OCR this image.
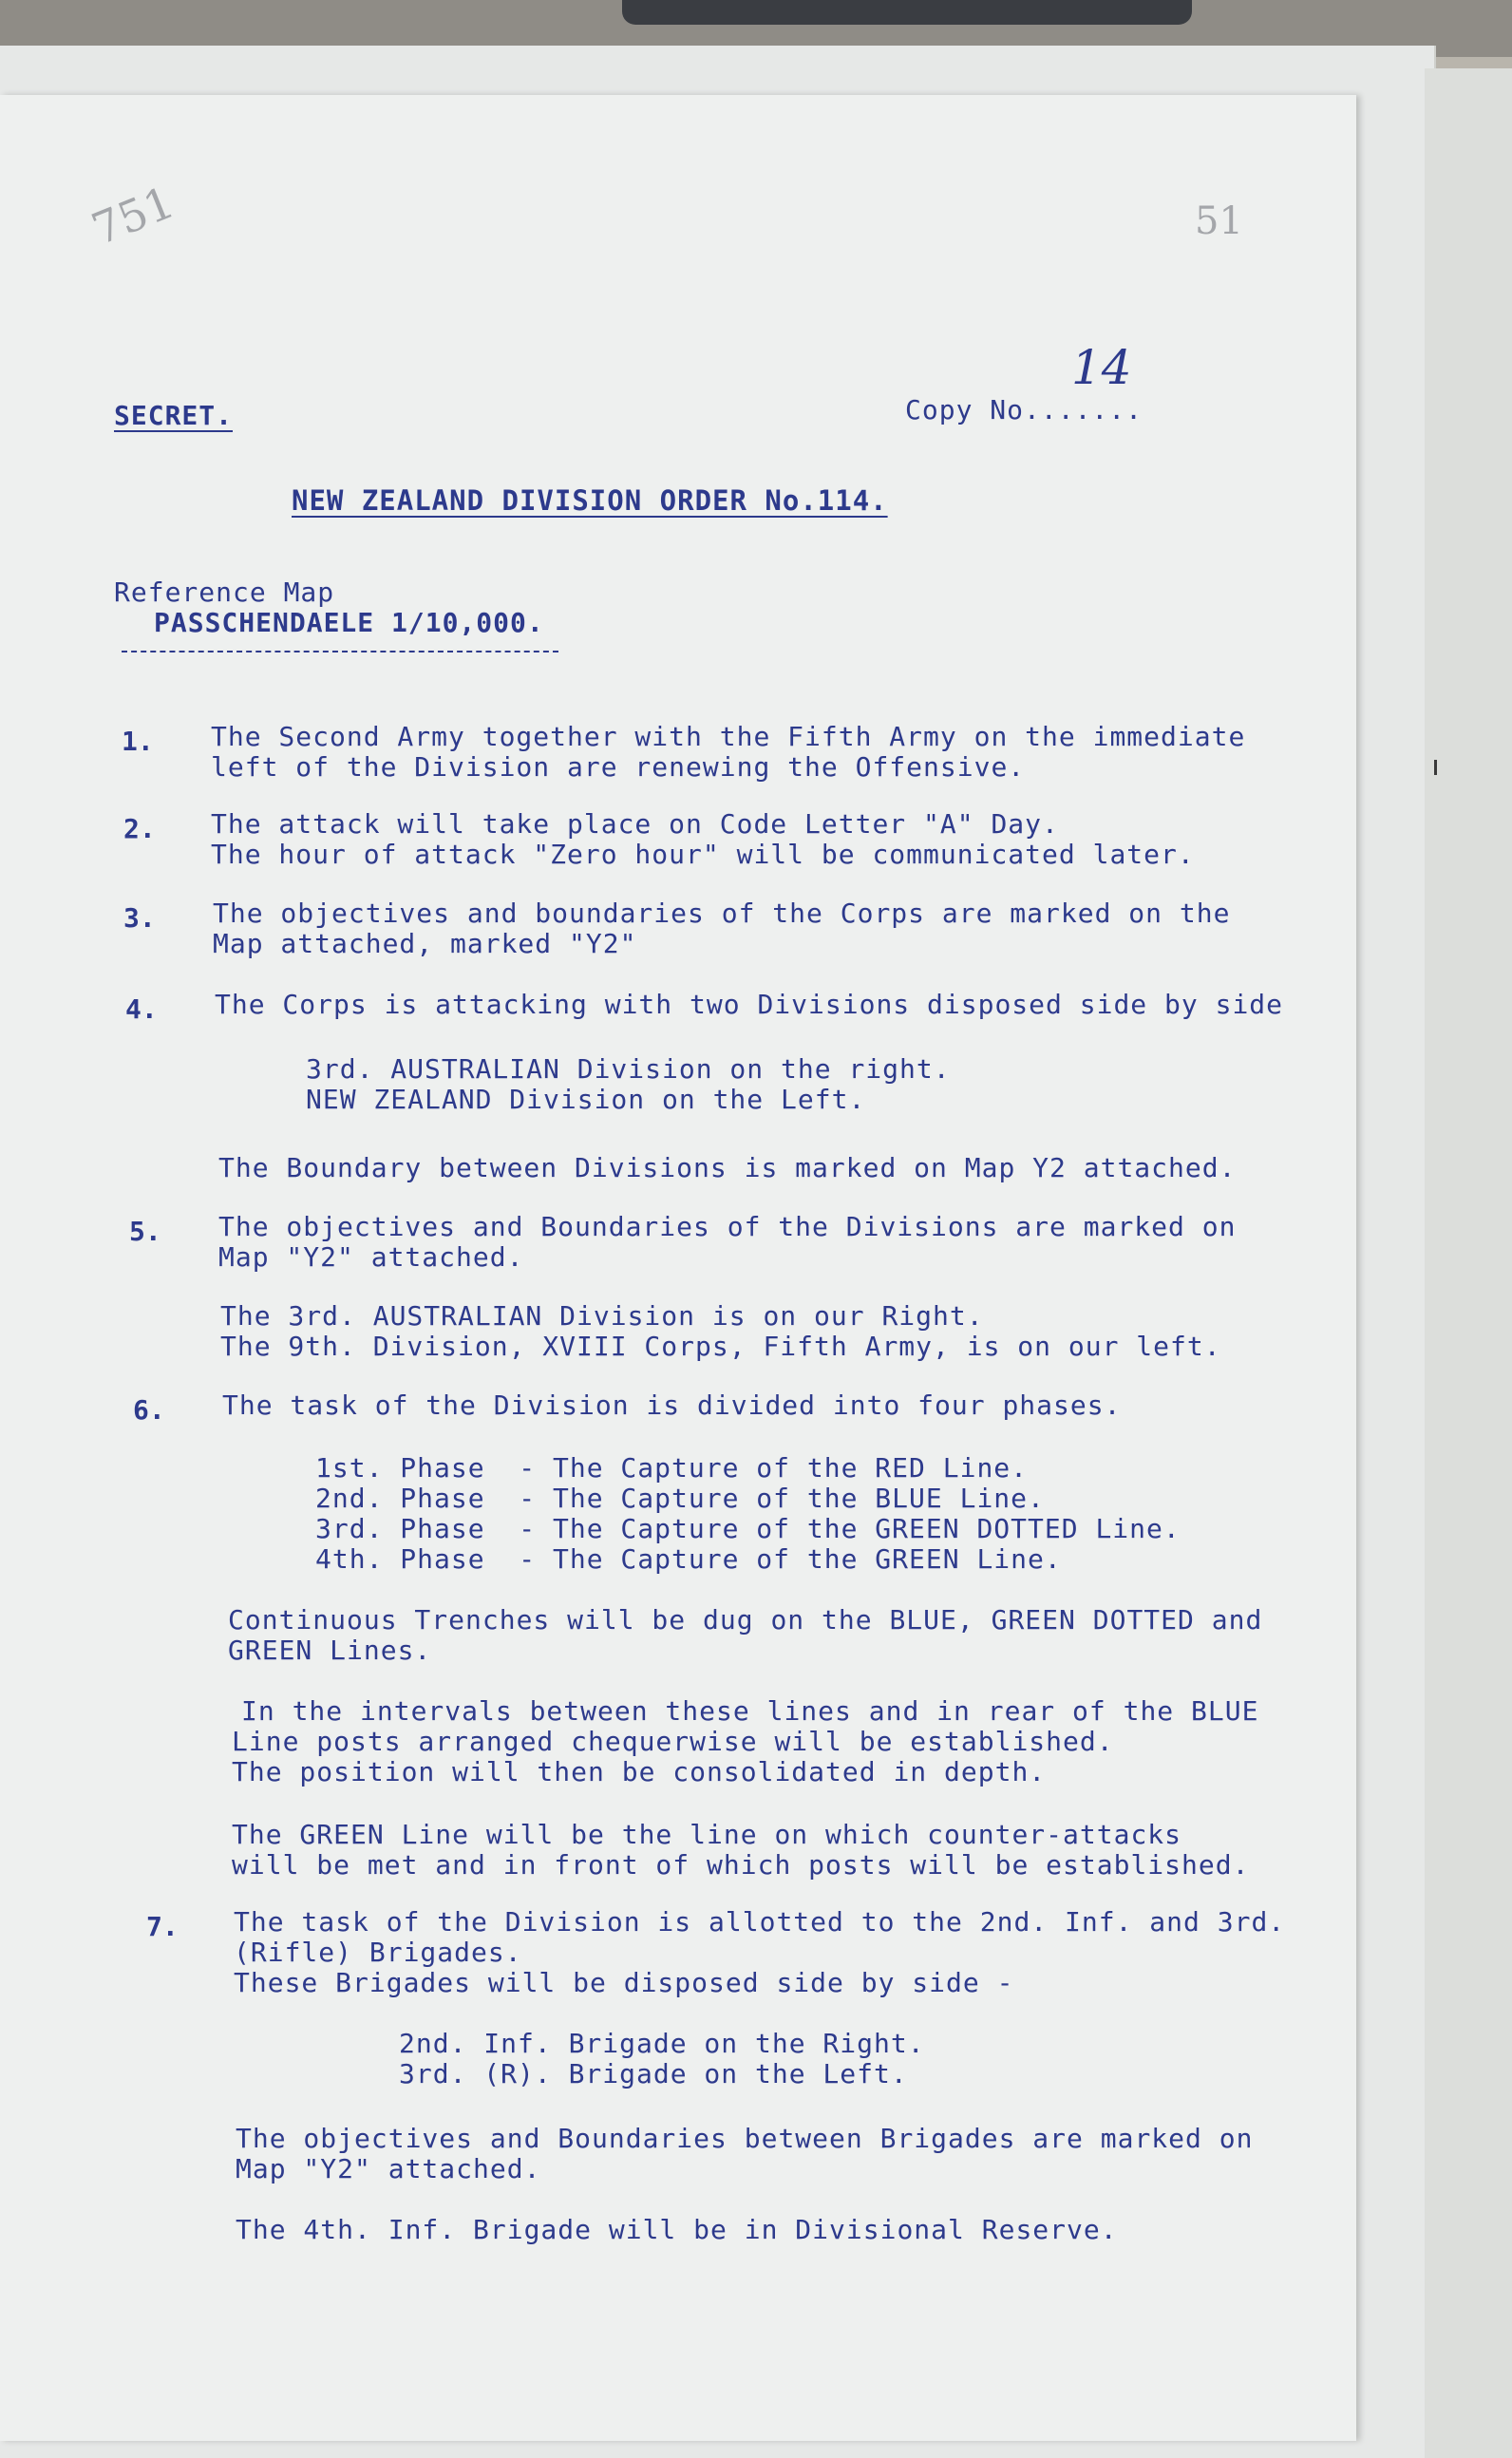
751	51
SECRET.	Copy No.......
14
NEW ZEALAND DIVISION ORDER No.114.
Reference Map
PASSCHENDAELE 1/10,000.
1. The Second Army together with the Fifth Army on the immediate
left of the Division are renewing the Offensive.
2. The attack will take place on Code Letter "A" Day.
The hour of attack "Zero hour" will be communicated later.
3. The objectives and boundaries of the Corps are marked on the
Map attached, marked "Y2"
4. The Corps is attacking with two Divisions disposed side by side
3rd. AUSTRALIAN Division on the right.
NEW ZEALAND Division on the Left.
The Boundary between Divisions is marked on Map Y2 attached.
5. The objectives and Boundaries of the Divisions are marked on
Map "Y2" attached.
The 3rd. AUSTRALIAN Division is on our Right.
The 9th. Division, XVIII Corps, Fifth Army, is on our left.
6. The task of the Division is divided into four phases.
1st. Phase  - The Capture of the RED Line.
2nd. Phase  - The Capture of the BLUE Line.
3rd. Phase  - The Capture of the GREEN DOTTED Line.
4th. Phase  - The Capture of the GREEN Line.
Continuous Trenches will be dug on the BLUE, GREEN DOTTED and
GREEN Lines.
In the intervals between these lines and in rear of the BLUE
Line posts arranged chequerwise will be established.
The position will then be consolidated in depth.
The GREEN Line will be the line on which counter-attacks
will be met and in front of which posts will be established.
7. The task of the Division is allotted to the 2nd. Inf. and 3rd.
(Rifle) Brigades.
These Brigades will be disposed side by side -
2nd. Inf. Brigade on the Right.
3rd. (R). Brigade on the Left.
The objectives and Boundaries between Brigades are marked on
Map "Y2" attached.
The 4th. Inf. Brigade will be in Divisional Reserve.
